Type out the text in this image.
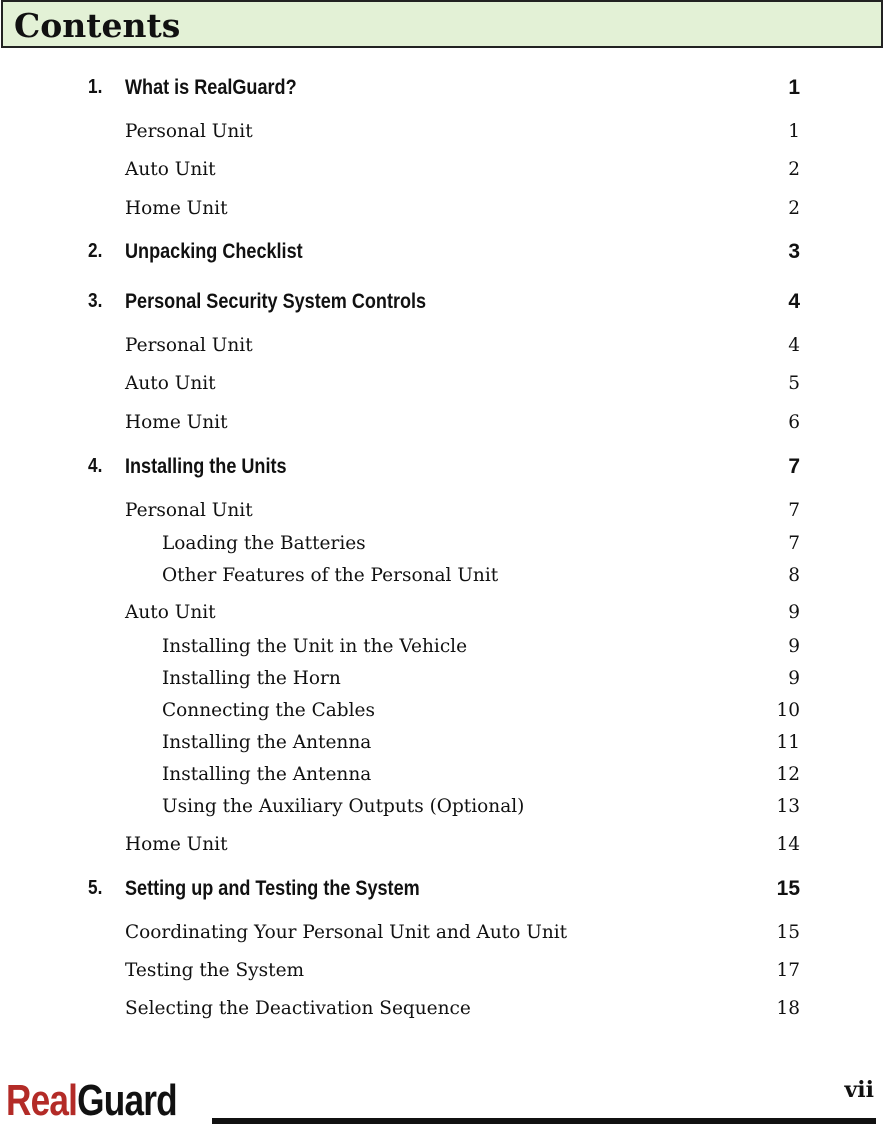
Contents
1. What is RealGuard?	1
Personal Unit	1
Auto Unit	2
Home Unit	2
2. Unpacking Checklist	3
3. Personal Security System Controls	4
Personal Unit	4
Auto Unit	5
Home Unit	6
4. Installing the Units	7
Personal Unit	7
Loading the Batteries	7
Other Features of the Personal Unit	8
Auto Unit	9
Installing the Unit in the Vehicle	9
Installing the Horn	9
Connecting the Cables	10
Installing the Antenna	11
Installing the Antenna	12
Using the Auxiliary Outputs (Optional)	13
Home Unit	14
5. Setting up and Testing the System	15
Coordinating Your Personal Unit and Auto Unit	15
Testing the System	17
Selecting the Deactivation Sequence	18
RealGuard	vii
